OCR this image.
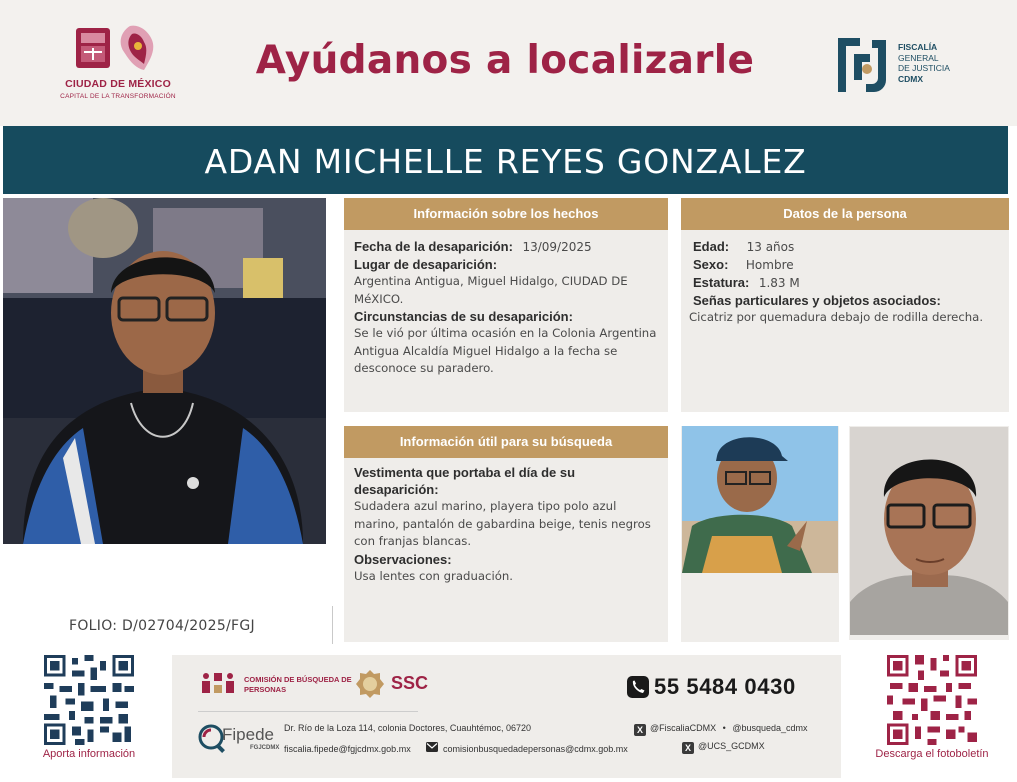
CIUDAD DE MÉXICO
CAPITAL DE LA TRANSFORMACIÓN
Ayúdanos a localizarle	FISCALÍA
GENERAL
DE JUSTICIA
CDMX
ADAN MICHELLE REYES GONZALEZ
Información sobre los hechos
Fecha de la desaparición: 13/09/2025
Lugar de desaparición:
Argentina Antigua, Miguel Hidalgo, CIUDAD DE MéXICO.
Circunstancias de su desaparición:
Se le vió por última ocasión en la Colonia Argentina Antigua Alcaldía Miguel Hidalgo a la fecha se desconoce su paradero.
Datos de la persona
Edad: 13 años
Sexo: Hombre
Estatura: 1.83 M
Señas particulares y objetos asociados:
Cicatriz por quemadura debajo de rodilla derecha.
Información útil para su búsqueda
Vestimenta que portaba el día de su desaparición:
Sudadera azul marino, playera tipo polo azul marino, pantalón de gabardina beige, tenis negros con franjas blancas.
Observaciones:
Usa lentes con graduación.
FOLIO: D/02704/2025/FGJ
Aporta información
COMISIÓN DE BÚSQUEDA DE PERSONAS	SSC	55 5484 0430
Fipede
FGJCDMX
Dr. Río de la Loza 114, colonia Doctores, Cuauhtémoc, 06720
fiscalia.fipede@fgjcdmx.gob.mx	comisionbusquedadepersonas@cdmx.gob.mx
X @FiscaliaCDMX • @busqueda_cdmx
X @UCS_GCDMX
Descarga el fotoboletín
